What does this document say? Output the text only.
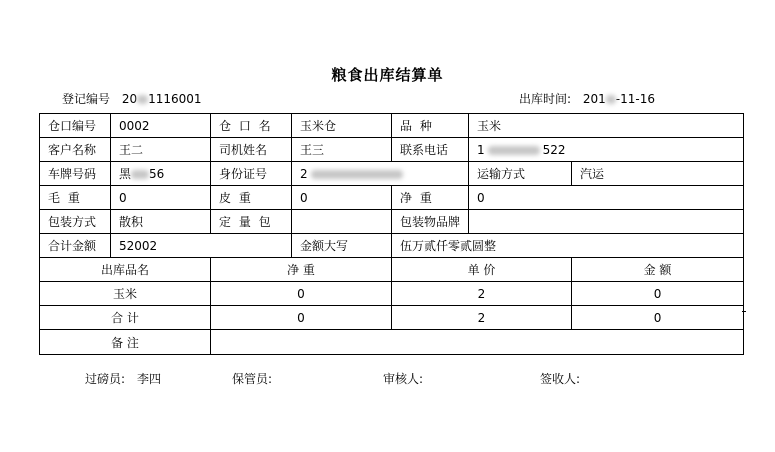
粮食出库结算单
登记编号 20 1116001	出库时间: 201 -11-16
仓口编号	0002	仓 口 名	玉米仓	品 种	玉米	
客户名称	王二	司机姓名	王三	联系电话	1 522	
车牌号码	黑 56	身份证号	2		运输方式	汽运
毛 重	0	皮 重	0	净 重	0	
包装方式	散积	定 量 包		包装物品牌		
合计金额	52002		金额大写	伍万贰仟零贰圆整		
出库品名		净 重		单 价		金 额
玉米		0		2		0
合 计		0		2		0
备 注						
过磅员: 李四	保管员:	审核人:	签收人:
